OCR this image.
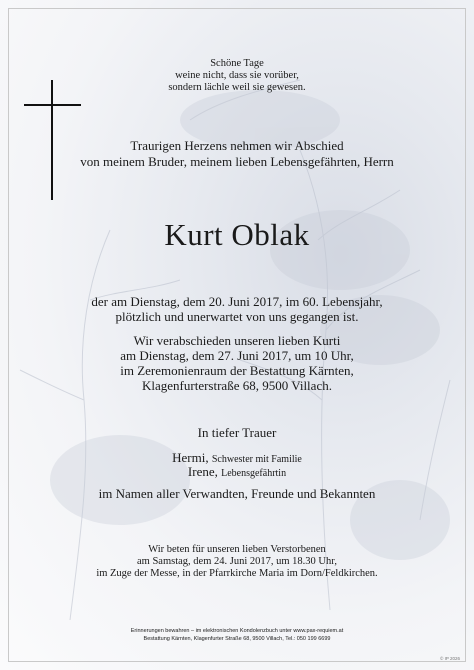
Schöne Tage
weine nicht, dass sie vorüber,
sondern lächle weil sie gewesen.
Traurigen Herzens nehmen wir Abschied
von meinem Bruder, meinem lieben Lebensgefährten, Herrn
Kurt Oblak
der am Dienstag, dem 20. Juni 2017, im 60. Lebensjahr,
plötzlich und unerwartet von uns gegangen ist.
Wir verabschieden unseren lieben Kurti
am Dienstag, dem 27. Juni 2017, um 10 Uhr,
im Zeremonienraum der Bestattung Kärnten,
Klagenfurterstraße 68, 9500 Villach.
In tiefer Trauer
Hermi, Schwester mit Familie
Irene, Lebensgefährtin
im Namen aller Verwandten, Freunde und Bekannten
Wir beten für unseren lieben Verstorbenen
am Samstag, dem 24. Juni 2017, um 18.30 Uhr,
im Zuge der Messe, in der Pfarrkirche Maria im Dorn/Feldkirchen.
Erinnerungen bewahren – im elektronischen Kondolenzbuch unter www.pax-requiem.at
Bestattung Kärnten, Klagenfurter Straße 68, 9500 Villach, Tel.: 050 199 6699
© IP 2026
